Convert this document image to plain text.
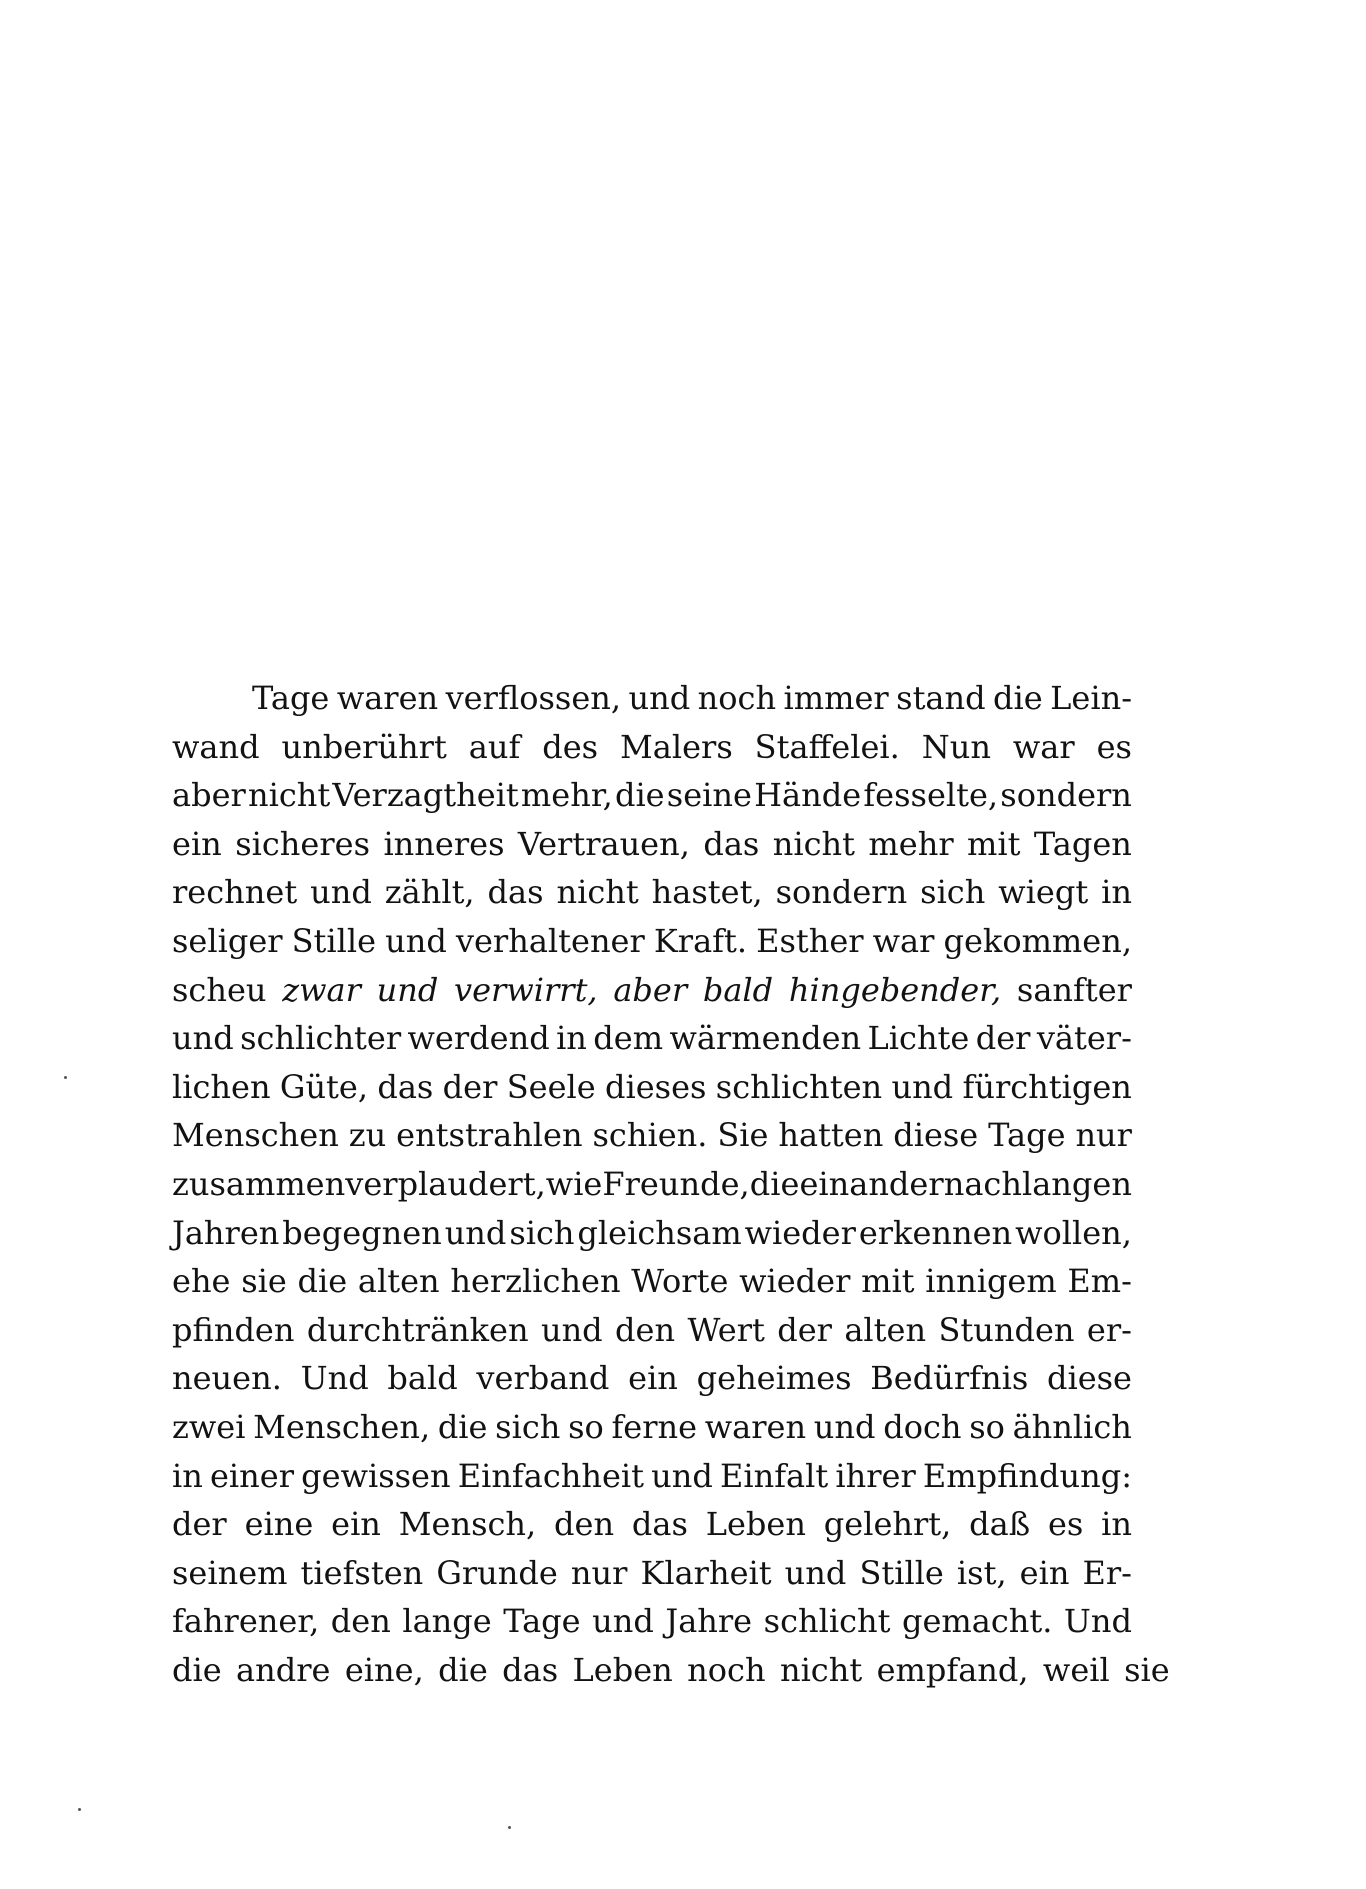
Tage waren verflossen, und noch immer stand die Lein-
wand unberührt auf des Malers Staffelei. Nun war es
aber nicht Verzagtheit mehr, die seine Hände fesselte, sondern
ein sicheres inneres Vertrauen, das nicht mehr mit Tagen
rechnet und zählt, das nicht hastet, sondern sich wiegt in
seliger Stille und verhaltener Kraft. Esther war gekommen,
scheu zwar und verwirrt, aber bald hingebender, sanfter
und schlichter werdend in dem wärmenden Lichte der väter-
lichen Güte, das der Seele dieses schlichten und fürchtigen
Menschen zu entstrahlen schien. Sie hatten diese Tage nur
zusammen verplaudert, wie Freunde, die einander nach langen
Jahren begegnen und sich gleichsam wieder erkennen wollen,
ehe sie die alten herzlichen Worte wieder mit innigem Em-
pfinden durchtränken und den Wert der alten Stunden er-
neuen. Und bald verband ein geheimes Bedürfnis diese
zwei Menschen, die sich so ferne waren und doch so ähnlich
in einer gewissen Einfachheit und Einfalt ihrer Empfindung:
der eine ein Mensch, den das Leben gelehrt, daß es in
seinem tiefsten Grunde nur Klarheit und Stille ist, ein Er-
fahrener, den lange Tage und Jahre schlicht gemacht. Und
die andre eine, die das Leben noch nicht empfand, weil sie
